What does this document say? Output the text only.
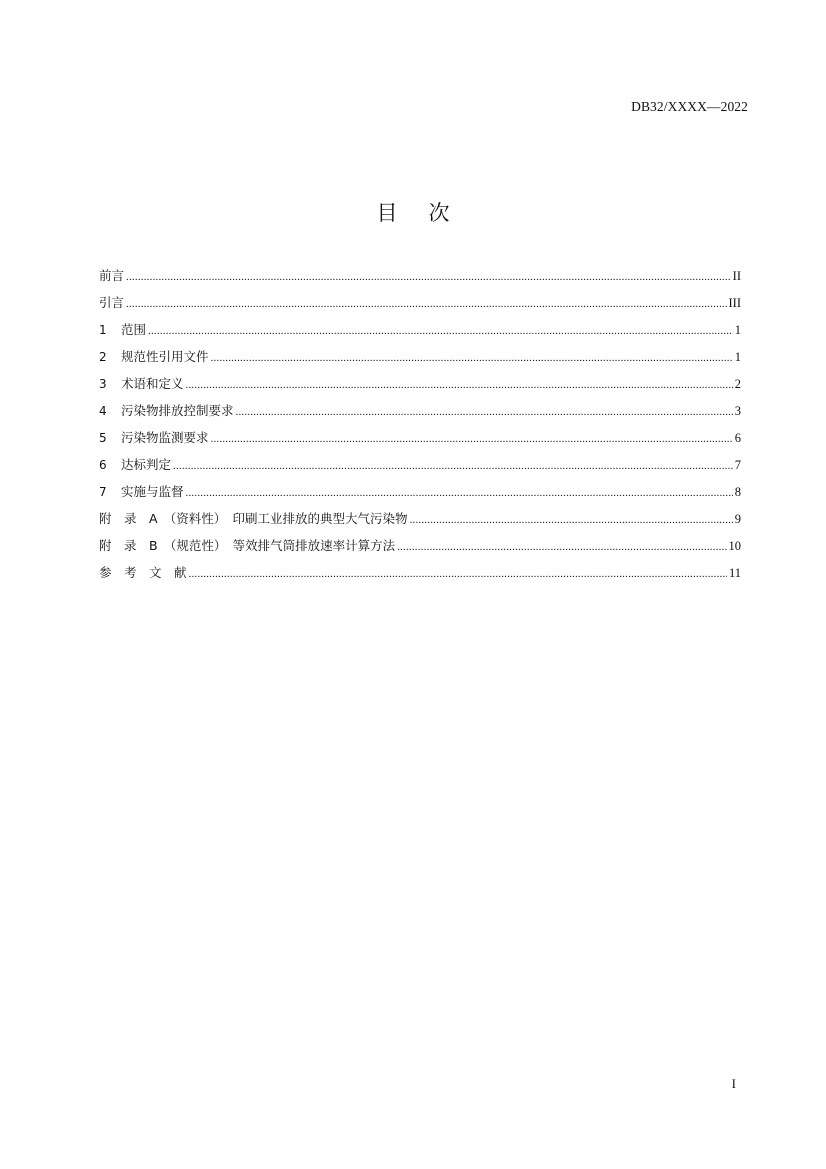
DB32/XXXX—2022
目 次
前言 .....	II
引言 .....	III
1	范围 .....	1
2	规范性引用文件 .....	1
3	术语和定义 .....	2
4	污染物排放控制要求 .....	3
5	污染物监测要求 .....	6
6	达标判定 .....	7
7	实施与监督 .....	8
附　录　A　（资料性）　印刷工业排放的典型大气污染物 .....	9
附　录　B　（规范性）　等效排气筒排放速率计算方法 .....	10
参　考　文　献 .....	11
I
